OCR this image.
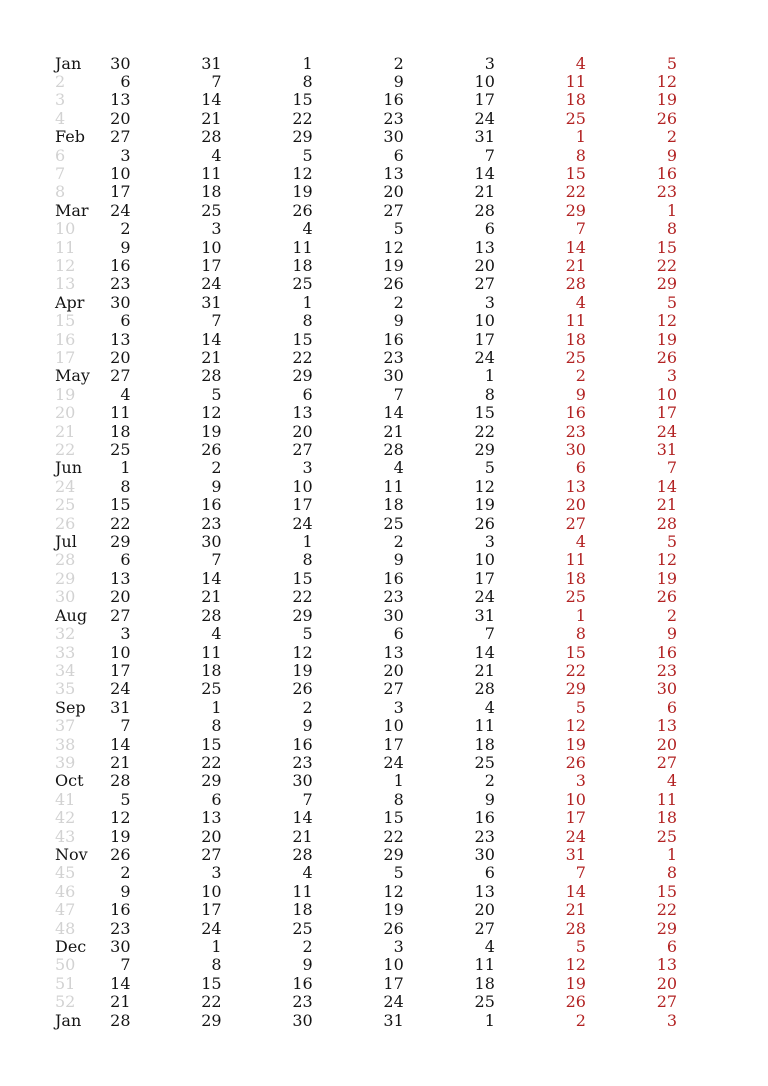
Jan	30	31	1	2	3	4	5
2	6	7	8	9	10	11	12
3	13	14	15	16	17	18	19
4	20	21	22	23	24	25	26
Feb	27	28	29	30	31	1	2
6	3	4	5	6	7	8	9
7	10	11	12	13	14	15	16
8	17	18	19	20	21	22	23
Mar	24	25	26	27	28	29	1
10	2	3	4	5	6	7	8
11	9	10	11	12	13	14	15
12	16	17	18	19	20	21	22
13	23	24	25	26	27	28	29
Apr	30	31	1	2	3	4	5
15	6	7	8	9	10	11	12
16	13	14	15	16	17	18	19
17	20	21	22	23	24	25	26
May	27	28	29	30	1	2	3
19	4	5	6	7	8	9	10
20	11	12	13	14	15	16	17
21	18	19	20	21	22	23	24
22	25	26	27	28	29	30	31
Jun	1	2	3	4	5	6	7
24	8	9	10	11	12	13	14
25	15	16	17	18	19	20	21
26	22	23	24	25	26	27	28
Jul	29	30	1	2	3	4	5
28	6	7	8	9	10	11	12
29	13	14	15	16	17	18	19
30	20	21	22	23	24	25	26
Aug	27	28	29	30	31	1	2
32	3	4	5	6	7	8	9
33	10	11	12	13	14	15	16
34	17	18	19	20	21	22	23
35	24	25	26	27	28	29	30
Sep	31	1	2	3	4	5	6
37	7	8	9	10	11	12	13
38	14	15	16	17	18	19	20
39	21	22	23	24	25	26	27
Oct	28	29	30	1	2	3	4
41	5	6	7	8	9	10	11
42	12	13	14	15	16	17	18
43	19	20	21	22	23	24	25
Nov	26	27	28	29	30	31	1
45	2	3	4	5	6	7	8
46	9	10	11	12	13	14	15
47	16	17	18	19	20	21	22
48	23	24	25	26	27	28	29
Dec	30	1	2	3	4	5	6
50	7	8	9	10	11	12	13
51	14	15	16	17	18	19	20
52	21	22	23	24	25	26	27
Jan	28	29	30	31	1	2	3
